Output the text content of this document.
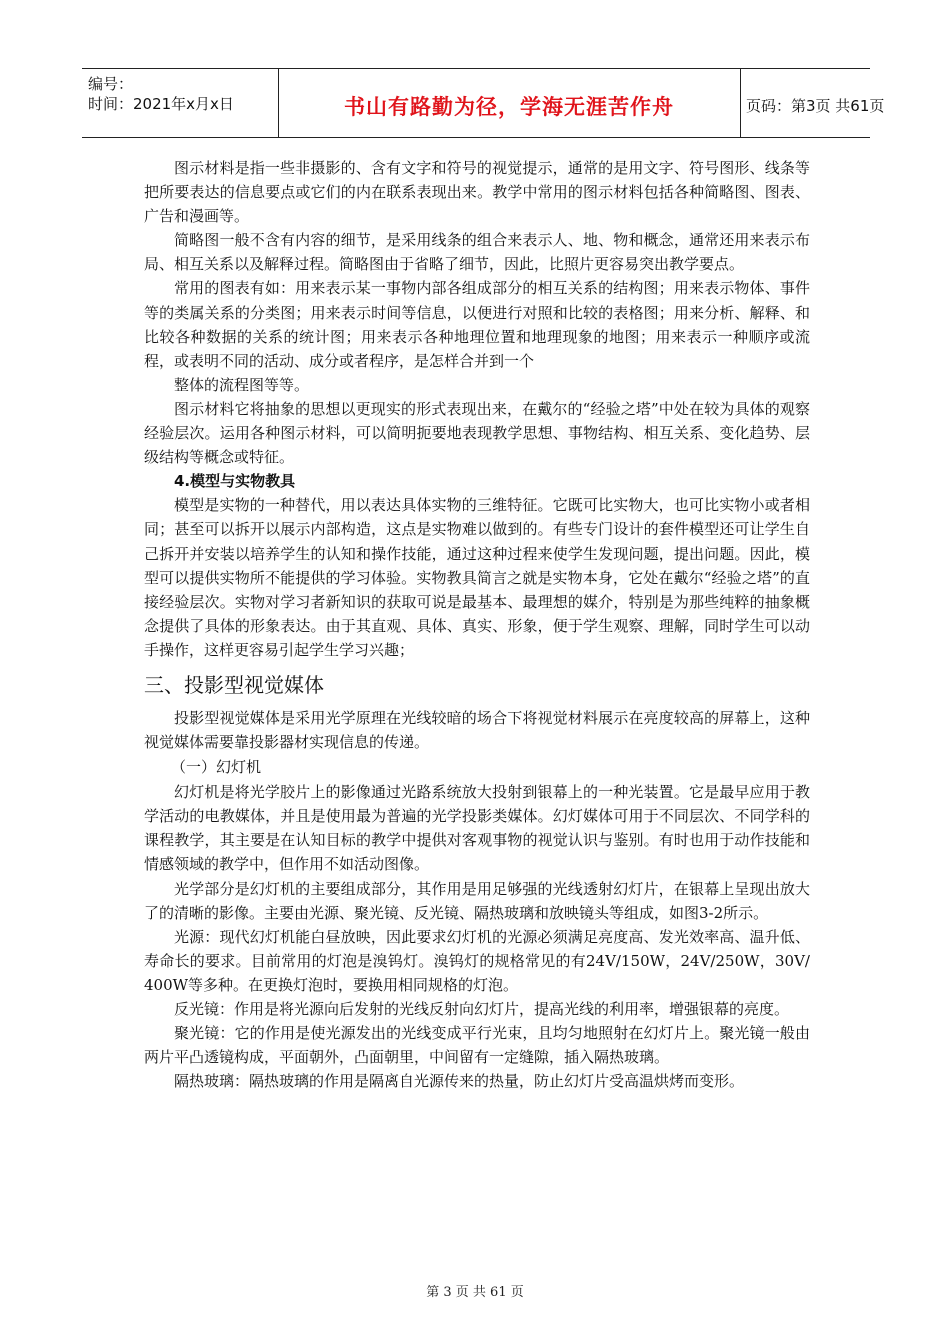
编号：
时间：2021年x月x日	书山有路勤为径，学海无涯苦作舟	页码：第3页 共61页

图示材料是指一些非摄影的、含有文字和符号的视觉提示，通常的是用文字、符号图形、线条等把所要表达的信息要点或它们的内在联系表现出来。教学中常用的图示材料包括各种简略图、图表、广告和漫画等。

简略图一般不含有内容的细节，是采用线条的组合来表示人、地、物和概念，通常还用来表示布局、相互关系以及解释过程。简略图由于省略了细节，因此，比照片更容易突出教学要点。

常用的图表有如：用来表示某一事物内部各组成部分的相互关系的结构图；用来表示物体、事件等的类属关系的分类图；用来表示时间等信息，以便进行对照和比较的表格图；用来分析、解释、和比较各种数据的关系的统计图；用来表示各种地理位置和地理现象的地图；用来表示一种顺序或流程，或表明不同的活动、成分或者程序，是怎样合并到一个

整体的流程图等等。

图示材料它将抽象的思想以更现实的形式表现出来，在戴尔的“经验之塔”中处在较为具体的观察经验层次。运用各种图示材料，可以简明扼要地表现教学思想、事物结构、相互关系、变化趋势、层级结构等概念或特征。

4.模型与实物教具

模型是实物的一种替代，用以表达具体实物的三维特征。它既可比实物大，也可比实物小或者相同；甚至可以拆开以展示内部构造，这点是实物难以做到的。有些专门设计的套件模型还可让学生自己拆开并安装以培养学生的认知和操作技能，通过这种过程来使学生发现问题，提出问题。因此，模型可以提供实物所不能提供的学习体验。实物教具简言之就是实物本身，它处在戴尔“经验之塔”的直接经验层次。实物对学习者新知识的获取可说是最基本、最理想的媒介，特别是为那些纯粹的抽象概念提供了具体的形象表达。由于其直观、具体、真实、形象，便于学生观察、理解，同时学生可以动手操作，这样更容易引起学生学习兴趣；

三、投影型视觉媒体

投影型视觉媒体是采用光学原理在光线较暗的场合下将视觉材料展示在亮度较高的屏幕上，这种视觉媒体需要靠投影器材实现信息的传递。

（一）幻灯机

幻灯机是将光学胶片上的影像通过光路系统放大投射到银幕上的一种光装置。它是最早应用于教学活动的电教媒体，并且是使用最为普遍的光学投影类媒体。幻灯媒体可用于不同层次、不同学科的课程教学，其主要是在认知目标的教学中提供对客观事物的视觉认识与鉴别。有时也用于动作技能和情感领域的教学中，但作用不如活动图像。

光学部分是幻灯机的主要组成部分，其作用是用足够强的光线透射幻灯片，在银幕上呈现出放大了的清晰的影像。主要由光源、聚光镜、反光镜、隔热玻璃和放映镜头等组成，如图3-2所示。

光源：现代幻灯机能白昼放映，因此要求幻灯机的光源必须满足亮度高、发光效率高、温升低、寿命长的要求。目前常用的灯泡是溴钨灯。溴钨灯的规格常见的有24V/150W，24V/250W，30V/400W等多种。在更换灯泡时，要换用相同规格的灯泡。

反光镜：作用是将光源向后发射的光线反射向幻灯片，提高光线的利用率，增强银幕的亮度。

聚光镜：它的作用是使光源发出的光线变成平行光束，且均匀地照射在幻灯片上。聚光镜一般由两片平凸透镜构成，平面朝外，凸面朝里，中间留有一定缝隙，插入隔热玻璃。

隔热玻璃：隔热玻璃的作用是隔离自光源传来的热量，防止幻灯片受高温烘烤而变形。

第 3 页 共 61 页
